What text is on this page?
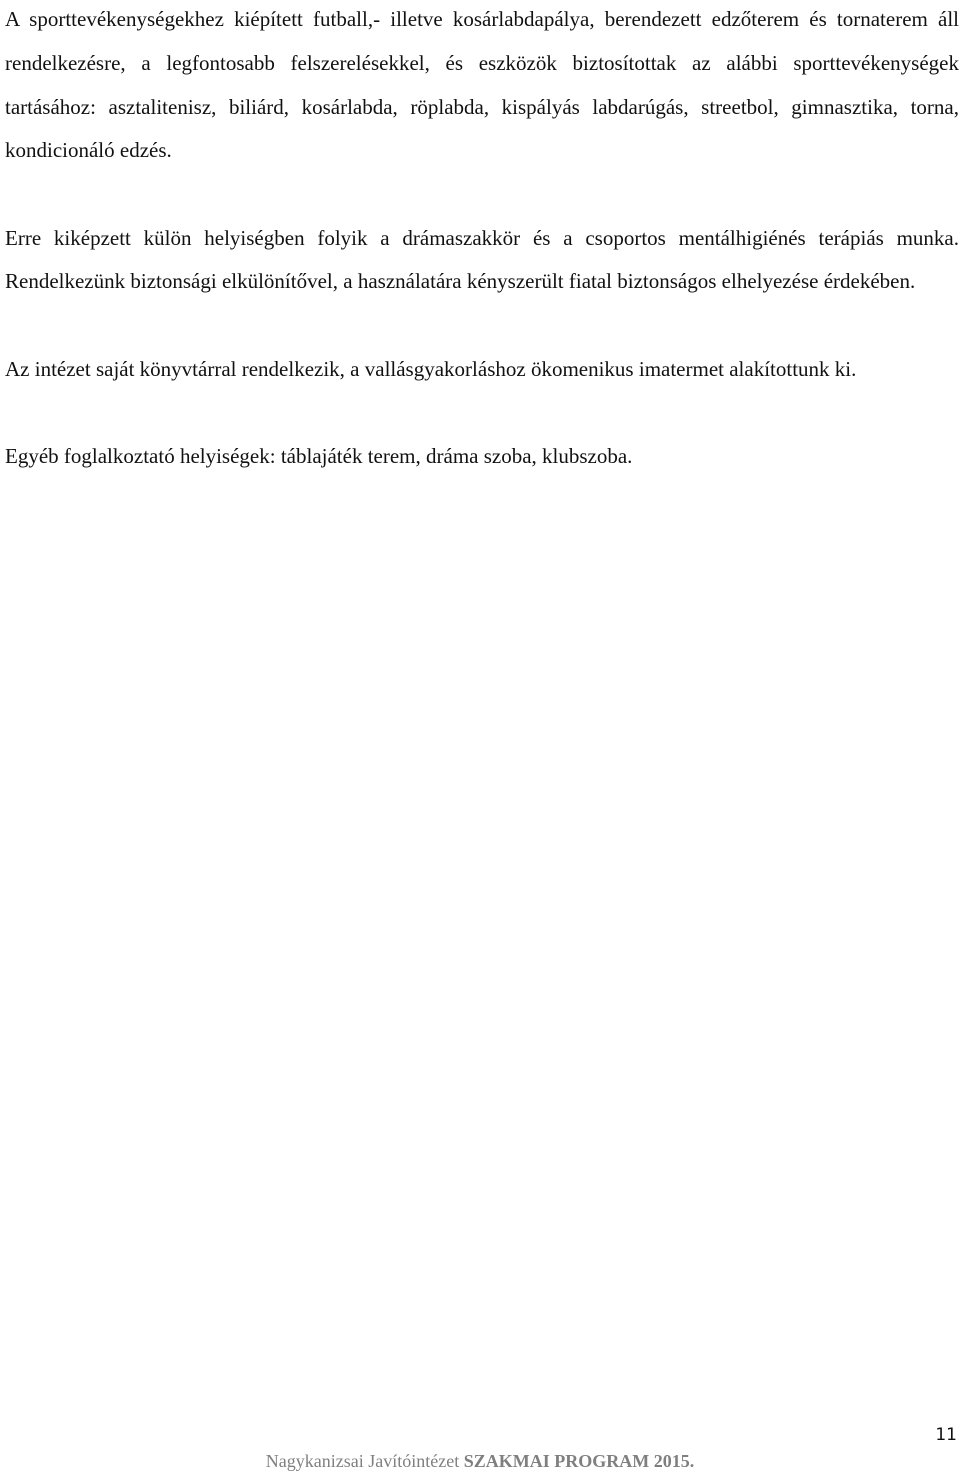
A sporttevékenységekhez kiépített futball,- illetve kosárlabdapálya, berendezett edzőterem és tornaterem áll rendelkezésre, a legfontosabb felszerelésekkel, és eszközök biztosítottak az alábbi sporttevékenységek tartásához: asztalitenisz, biliárd, kosárlabda, röplabda, kispályás labdarúgás, streetbol, gimnasztika, torna, kondicionáló edzés.

Erre kiképzett külön helyiségben folyik a drámaszakkör és a csoportos mentálhigiénés terápiás munka. Rendelkezünk biztonsági elkülönítővel, a használatára kényszerült fiatal biztonságos elhelyezése érdekében.

Az intézet saját könyvtárral rendelkezik, a vallásgyakorláshoz ökomenikus imatermet alakítottunk ki.

Egyéb foglalkoztató helyiségek: táblajáték terem, dráma szoba, klubszoba.

11
Nagykanizsai Javítóintézet SZAKMAI PROGRAM 2015.
